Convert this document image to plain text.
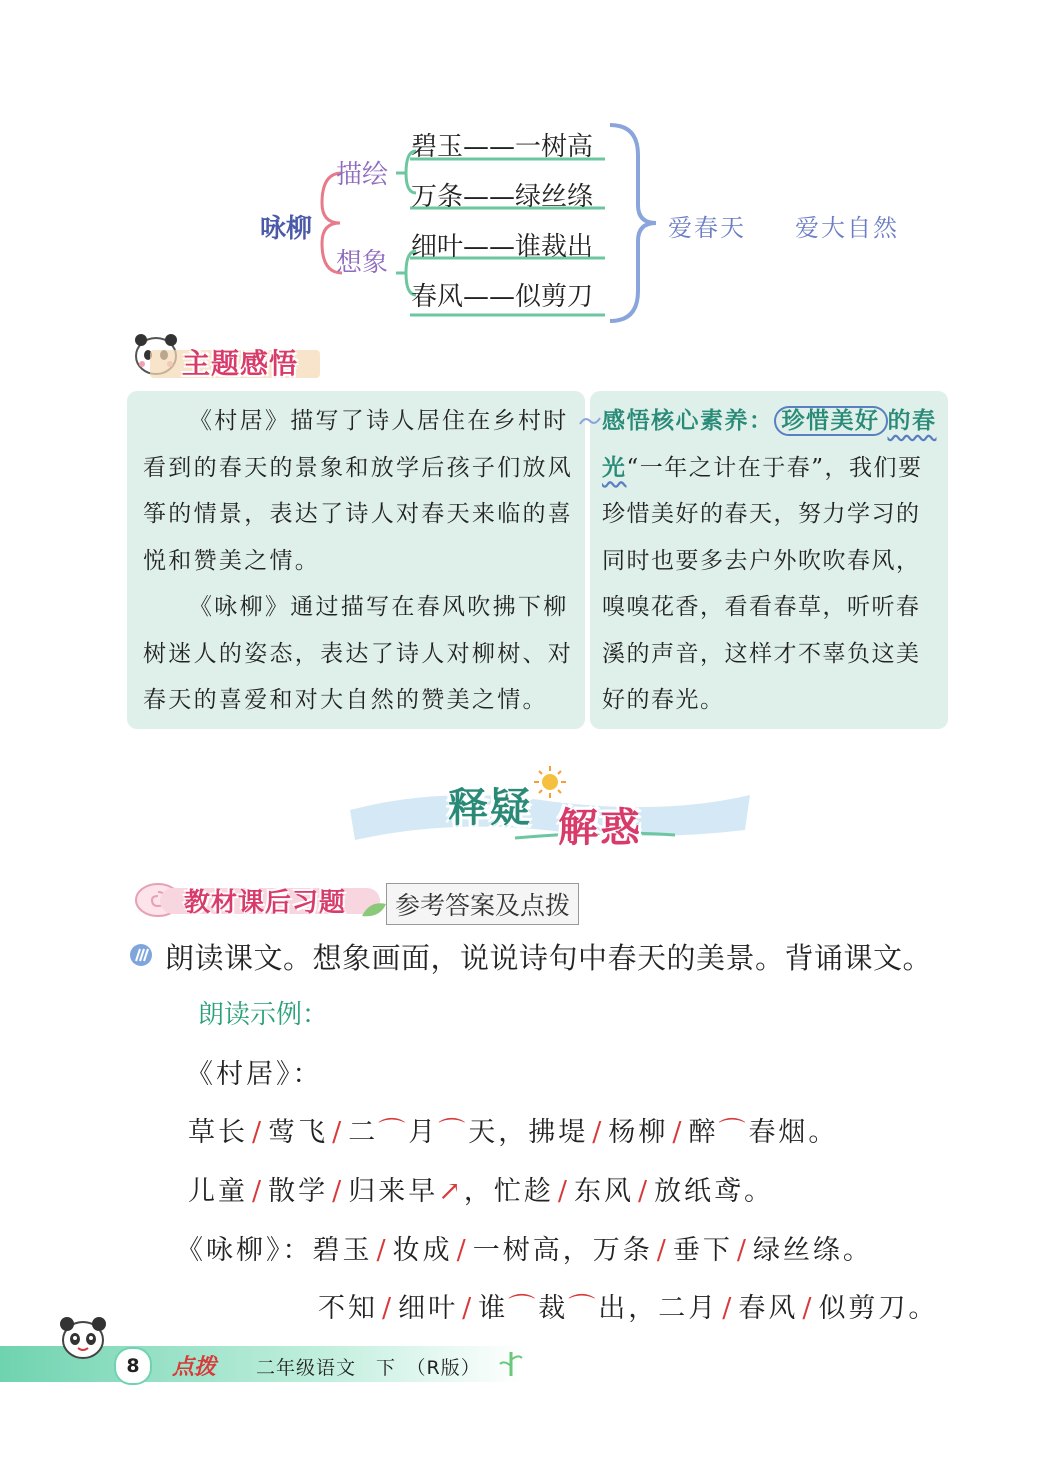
咏柳
描绘
想象
碧玉——一树高
万条——绿丝绦
细叶——谁裁出
春风——似剪刀
爱春天 爱大自然
主题感悟

《村居》描写了诗人居住在乡村时看到的春天的景象和放学后孩子们放风筝的情景，表达了诗人对春天来临的喜悦和赞美之情。

《咏柳》通过描写在春风吹拂下柳树迷人的姿态，表达了诗人对柳树、对春天的喜爱和对大自然的赞美之情。

感悟核心素养： 珍惜美好 的春光“一年之计在于春”，我们要珍惜美好的春天，努力学习的同时也要多去户外吹吹春风，嗅嗅花香，看看春草，听听春溪的声音，这样才不辜负这美好的春光。

释疑 解惑
教材课后习题	参考答案及点拨
朗读课文。想象画面，说说诗句中春天的美景。背诵课文。
朗读示例：
《村居》：
草长 / 莺飞 / 二⌒月⌒天，拂堤 / 杨柳 / 醉⌒春烟。
儿童 / 散学 / 归来早↗，忙趁 / 东风 / 放纸鸢。
《咏柳》：碧玉 / 妆成 / 一树高，万条 / 垂下 / 绿丝绦。
不知 / 细叶 / 谁⌒裁⌒出，二月 / 春风 / 似剪刀。
8	点拨 二年级语文　下　（R版）
